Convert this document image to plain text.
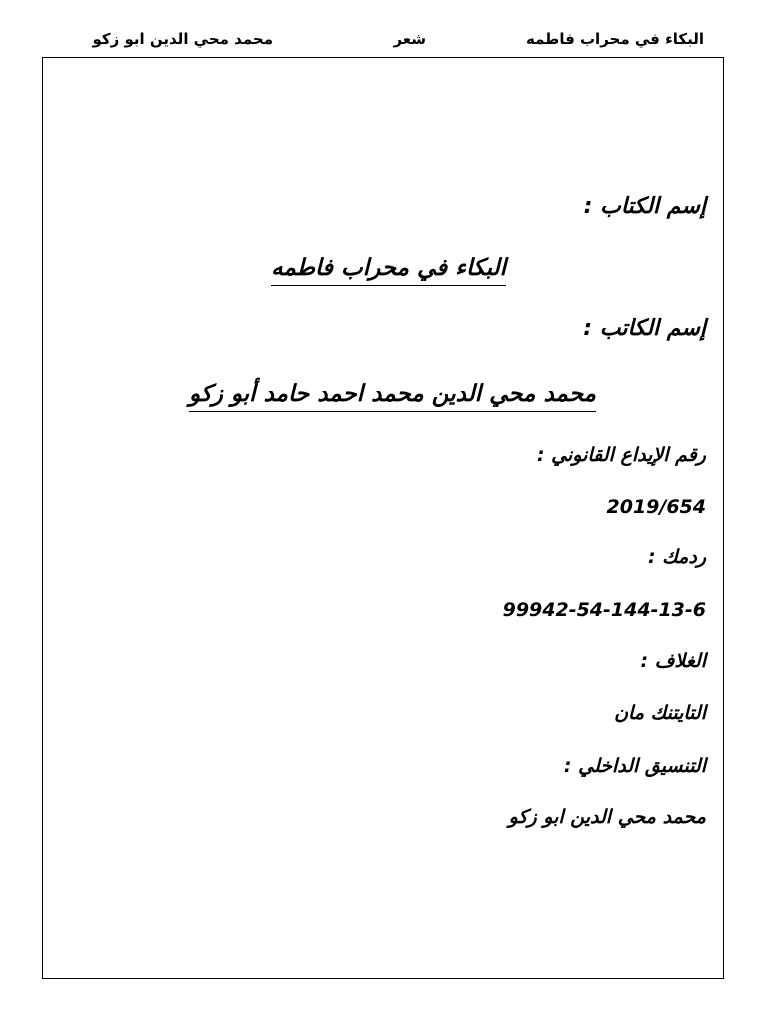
البكاء في محراب فاطمه
شعر
محمد محي الدين ابو زكو
إسم الكتاب :
البكاء في محراب فاطمه
إسم الكاتب :
محمد محي الدين محمد احمد حامد أبو زكو
رقم الإيداع القانوني :
2019/654
ردمك :
99942-54-144-13-6
الغلاف :
التايتنك مان
التنسيق الداخلي :
محمد محي الدين ابو زكو
